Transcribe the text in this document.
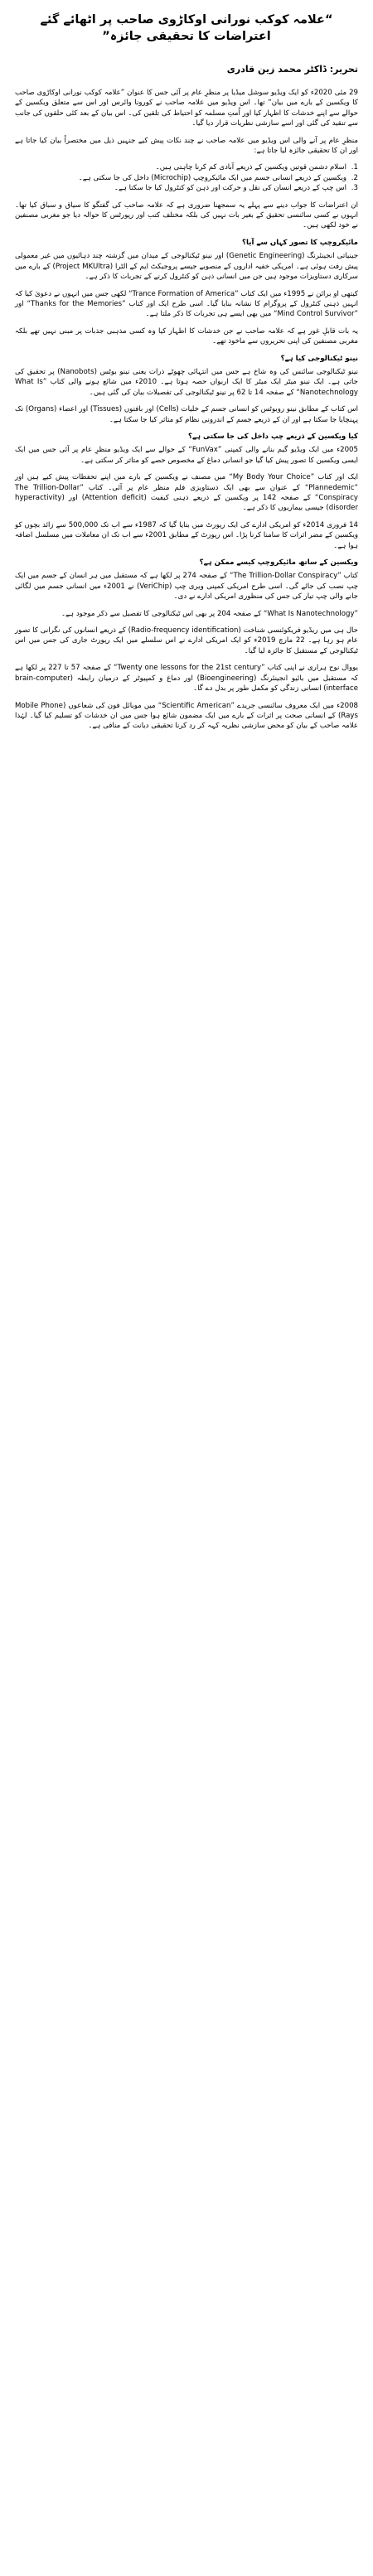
“علامہ کوکب نورانی اوکاڑوی صاحب پر اٹھائے گئے اعتراضات کا تحقیقی جائزہ”
تحریر: ڈاکٹر محمد زین قادری

29 مئی 2020ء کو ایک ویڈیو سوشل میڈیا پر منظرِ عام پر آئی جس کا عنوان ”علامہ کوکب نورانی اوکاڑوی صاحب کا ویکسین کے بارے میں بیان“ تھا۔ اس ویڈیو میں علامہ صاحب نے کورونا وائرس اور اس سے متعلق ویکسین کے حوالے سے اپنے خدشات کا اظہار کیا اور اُمتِ مسلمہ کو احتیاط کی تلقین کی۔ اس بیان کے بعد کئی حلقوں کی جانب سے تنقید کی گئی اور اسے سازشی نظریات قرار دیا گیا۔

منظرِ عام پر آنے والی اس ویڈیو میں علامہ صاحب نے چند نکات پیش کیے جنہیں ذیل میں مختصراً بیان کیا جاتا ہے اور ان کا تحقیقی جائزہ لیا جاتا ہے:

1.
اسلام دشمن قوتیں ویکسین کے ذریعے آبادی کم کرنا چاہتی ہیں۔
2.
ویکسین کے ذریعے انسانی جسم میں ایک مائیکروچپ (Microchip) داخل کی جا سکتی ہے۔
3.
اس چپ کے ذریعے انسان کی نقل و حرکت اور ذہن کو کنٹرول کیا جا سکتا ہے۔

ان اعتراضات کا جواب دینے سے پہلے یہ سمجھنا ضروری ہے کہ علامہ صاحب کی گفتگو کا سیاق و سباق کیا تھا۔ انہوں نے کسی سائنسی تحقیق کے بغیر بات نہیں کی بلکہ مختلف کتب اور رپورٹس کا حوالہ دیا جو مغربی مصنفین نے خود لکھی ہیں۔

مائیکروچپ کا تصور کہاں سے آیا؟

جینیاتی انجینئرنگ (Genetic Engineering) اور نینو ٹیکنالوجی کے میدان میں گزشتہ چند دہائیوں میں غیر معمولی پیش رفت ہوئی ہے۔ امریکی خفیہ اداروں کے منصوبے جیسے پروجیکٹ ایم کے الٹرا (Project MKUltra) کے بارے میں سرکاری دستاویزات موجود ہیں جن میں انسانی ذہن کو کنٹرول کرنے کے تجربات کا ذکر ہے۔

کیتھی او برائن نے 1995ء میں ایک کتاب ”Trance Formation of America“ لکھی جس میں انہوں نے دعویٰ کیا کہ انہیں ذہنی کنٹرول کے پروگرام کا نشانہ بنایا گیا۔ اسی طرح ایک اور کتاب ”Thanks for the Memories“ اور ”Mind Control Survivor“ میں بھی ایسے ہی تجربات کا ذکر ملتا ہے۔

یہ بات قابلِ غور ہے کہ علامہ صاحب نے جن خدشات کا اظہار کیا وہ کسی مذہبی جذبات پر مبنی نہیں تھے بلکہ مغربی مصنفین کی اپنی تحریروں سے ماخوذ تھے۔

نینو ٹیکنالوجی کیا ہے؟

نینو ٹیکنالوجی سائنس کی وہ شاخ ہے جس میں انتہائی چھوٹے ذرات یعنی نینو بوٹس (Nanobots) پر تحقیق کی جاتی ہے۔ ایک نینو میٹر ایک میٹر کا ایک اربواں حصہ ہوتا ہے۔ 2010ء میں شائع ہونے والی کتاب ”What Is Nanotechnology“ کے صفحہ 14 تا 62 پر نینو ٹیکنالوجی کی تفصیلات بیان کی گئی ہیں۔

اس کتاب کے مطابق نینو روبوٹس کو انسانی جسم کے خلیات (Cells) اور بافتوں (Tissues) اور اعضاء (Organs) تک پہنچایا جا سکتا ہے اور ان کے ذریعے جسم کے اندرونی نظام کو متاثر کیا جا سکتا ہے۔

کیا ویکسین کے ذریعے چپ داخل کی جا سکتی ہے؟

2005ء میں ایک ویڈیو گیم بنانے والی کمپنی ”FunVax“ کے حوالے سے ایک ویڈیو منظرِ عام پر آئی جس میں ایک ایسی ویکسین کا تصور پیش کیا گیا جو انسانی دماغ کے مخصوص حصے کو متاثر کر سکتی ہے۔

ایک اور کتاب ”My Body Your Choice“ میں مصنف نے ویکسین کے بارے میں اپنے تحفظات پیش کیے ہیں اور ”Plannedemic“ کے عنوان سے بھی ایک دستاویزی فلم منظر عام پر آئی۔ کتاب ”The Trillion-Dollar Conspiracy“ کے صفحہ 142 پر ویکسین کے ذریعے ذہنی کیفیت (Attention deficit) اور (hyperactivity disorder) جیسی بیماریوں کا ذکر ہے۔

14 فروری 2014ء کو امریکی ادارے کی ایک رپورٹ میں بتایا گیا کہ 1987ء سے اب تک 500,000 سے زائد بچوں کو ویکسین کے مضر اثرات کا سامنا کرنا پڑا۔ اس رپورٹ کے مطابق 2001ء سے اب تک ان معاملات میں مسلسل اضافہ ہوا ہے۔

ویکسین کے ساتھ مائیکروچپ کیسے ممکن ہے؟

کتاب ”The Trillion-Dollar Conspiracy“ کے صفحہ 274 پر لکھا ہے کہ مستقبل میں ہر انسان کے جسم میں ایک چپ نصب کی جائے گی۔ اسی طرح امریکی کمپنی ویری چپ (VeriChip) نے 2001ء میں انسانی جسم میں لگائی جانے والی چپ تیار کی جس کی منظوری امریکی ادارے نے دی۔

”What Is Nanotechnology“ کے صفحہ 204 پر بھی اس ٹیکنالوجی کا تفصیل سے ذکر موجود ہے۔

حال ہی میں ریڈیو فریکوئنسی شناخت (Radio-frequency identification) کے ذریعے انسانوں کی نگرانی کا تصور عام ہو رہا ہے۔ 22 مارچ 2019ء کو ایک امریکی ادارے نے اس سلسلے میں ایک رپورٹ جاری کی جس میں اس ٹیکنالوجی کے مستقبل کا جائزہ لیا گیا۔

یووال نوح ہراری نے اپنی کتاب ”Twenty one lessons for the 21st century“ کے صفحہ 57 تا 227 پر لکھا ہے کہ مستقبل میں بائیو انجینئرنگ (Bioengineering) اور دماغ و کمپیوٹر کے درمیان رابطہ (brain-computer interface) انسانی زندگی کو مکمل طور پر بدل دے گا۔

2008ء میں ایک معروف سائنسی جریدے ”Scientific American“ میں موبائل فون کی شعاعوں (Mobile Phone Rays) کے انسانی صحت پر اثرات کے بارے میں ایک مضمون شائع ہوا جس میں ان خدشات کو تسلیم کیا گیا۔ لہٰذا علامہ صاحب کے بیان کو محض سازشی نظریہ کہہ کر رد کرنا تحقیقی دیانت کے منافی ہے۔
